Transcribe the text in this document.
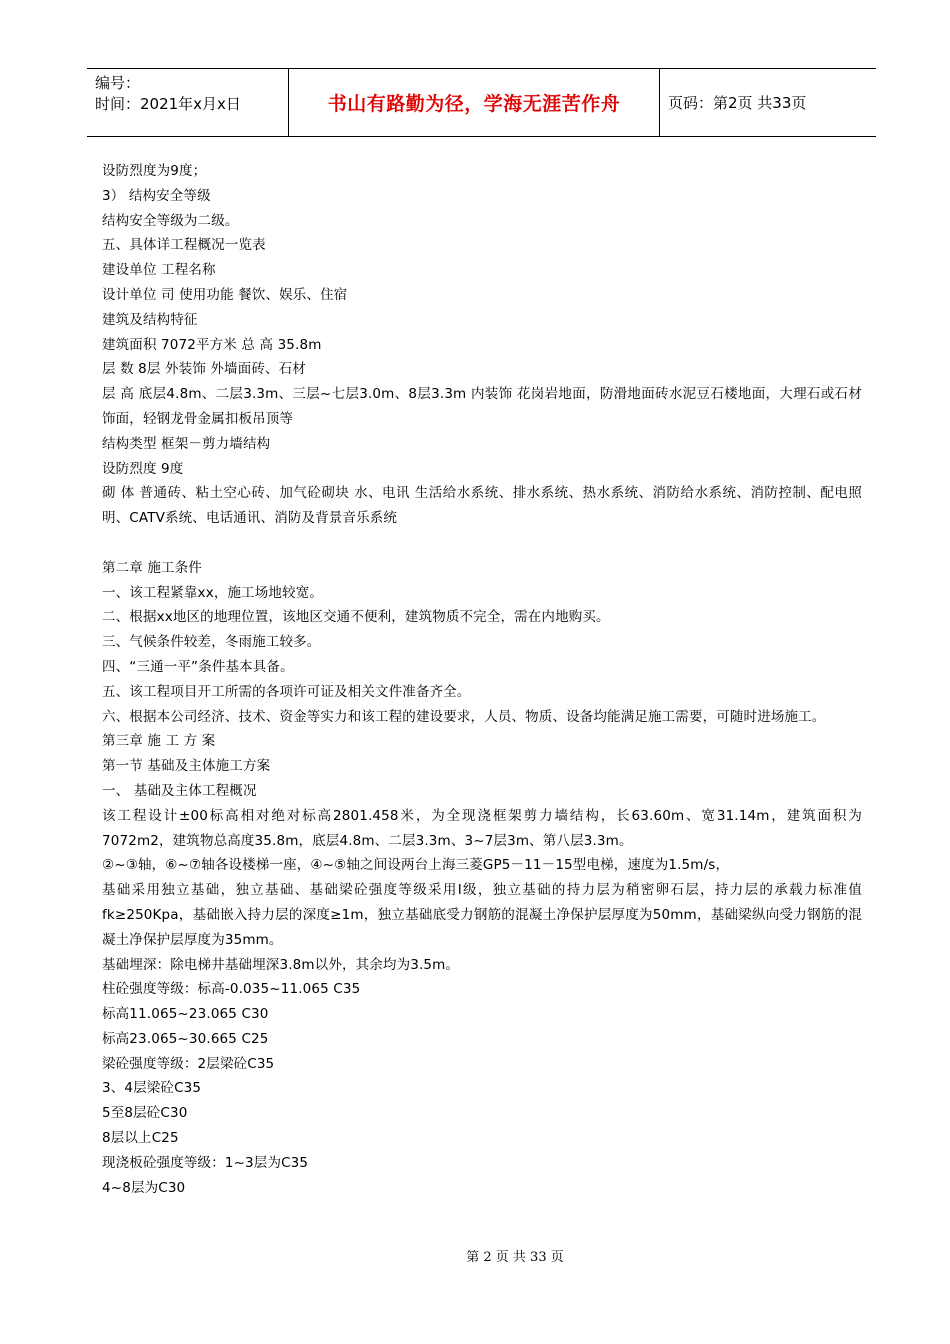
编号：
时间：2021年x月x日	书山有路勤为径，学海无涯苦作舟	页码：第2页 共33页

设防烈度为9度；

3） 结构安全等级

结构安全等级为二级。

五、具体详工程概况一览表

建设单位 工程名称

设计单位 司 使用功能 餐饮、娱乐、住宿

建筑及结构特征

建筑面积 7072平方米 总 高 35.8m

层 数 8层 外装饰 外墙面砖、石材

层 高 底层4.8m、二层3.3m、三层~七层3.0m、8层3.3m 内装饰 花岗岩地面，防滑地面砖水泥豆石楼地面，大理石或石材饰面，轻钢龙骨金属扣板吊顶等

结构类型 框架－剪力墙结构

设防烈度 9度

砌 体 普通砖、粘土空心砖、加气砼砌块 水、电讯 生活给水系统、排水系统、热水系统、消防给水系统、消防控制、配电照明、CATV系统、电话通讯、消防及背景音乐系统

第二章 施工条件

一、该工程紧靠xx，施工场地较宽。

二、根据xx地区的地理位置，该地区交通不便利，建筑物质不完全，需在内地购买。

三、气候条件较差，冬雨施工较多。

四、“三通一平”条件基本具备。

五、该工程项目开工所需的各项许可证及相关文件准备齐全。

六、根据本公司经济、技术、资金等实力和该工程的建设要求，人员、物质、设备均能满足施工需要，可随时进场施工。

第三章 施 工 方 案

第一节 基础及主体施工方案

一、 基础及主体工程概况

该工程设计±00标高相对绝对标高2801.458米，为全现浇框架剪力墙结构，长63.60m、宽31.14m，建筑面积为7072m2，建筑物总高度35.8m，底层4.8m、二层3.3m、3~7层3m、第八层3.3m。

②~③轴，⑥~⑦轴各设楼梯一座，④~⑤轴之间设两台上海三菱GP5－11－15型电梯，速度为1.5m/s，

基础采用独立基础，独立基础、基础梁砼强度等级采用Ⅰ级，独立基础的持力层为稍密卵石层，持力层的承载力标准值fk≥250Kpa，基础嵌入持力层的深度≥1m，独立基础底受力钢筋的混凝土净保护层厚度为50mm，基础梁纵向受力钢筋的混凝土净保护层厚度为35mm。

基础埋深：除电梯井基础埋深3.8m以外，其余均为3.5m。

柱砼强度等级：标高-0.035~11.065 C35

标高11.065~23.065 C30

标高23.065~30.665 C25

梁砼强度等级：2层梁砼C35

3、4层梁砼C35

5至8层砼C30

8层以上C25

现浇板砼强度等级：1~3层为C35

4~8层为C30

第 2 页 共 33 页
